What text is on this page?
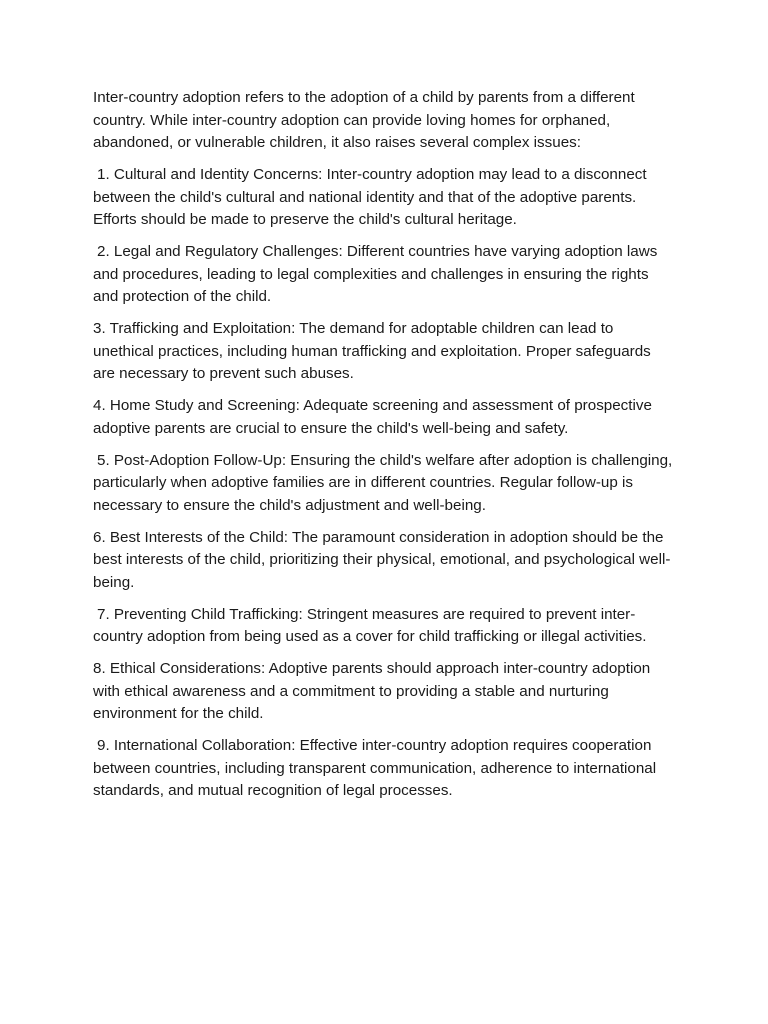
Inter-country adoption refers to the adoption of a child by parents from a different country. While inter-country adoption can provide loving homes for orphaned, abandoned, or vulnerable children, it also raises several complex issues:

1. Cultural and Identity Concerns: Inter-country adoption may lead to a disconnect between the child's cultural and national identity and that of the adoptive parents. Efforts should be made to preserve the child's cultural heritage.

2. Legal and Regulatory Challenges: Different countries have varying adoption laws and procedures, leading to legal complexities and challenges in ensuring the rights and protection of the child.

3. Trafficking and Exploitation: The demand for adoptable children can lead to unethical practices, including human trafficking and exploitation. Proper safeguards are necessary to prevent such abuses.

4. Home Study and Screening: Adequate screening and assessment of prospective adoptive parents are crucial to ensure the child's well-being and safety.

5. Post-Adoption Follow-Up: Ensuring the child's welfare after adoption is challenging, particularly when adoptive families are in different countries. Regular follow-up is necessary to ensure the child's adjustment and well-being.

6. Best Interests of the Child: The paramount consideration in adoption should be the best interests of the child, prioritizing their physical, emotional, and psychological well-being.

7. Preventing Child Trafficking: Stringent measures are required to prevent inter-country adoption from being used as a cover for child trafficking or illegal activities.

8. Ethical Considerations: Adoptive parents should approach inter-country adoption with ethical awareness and a commitment to providing a stable and nurturing environment for the child.

9. International Collaboration: Effective inter-country adoption requires cooperation between countries, including transparent communication, adherence to international standards, and mutual recognition of legal processes.
